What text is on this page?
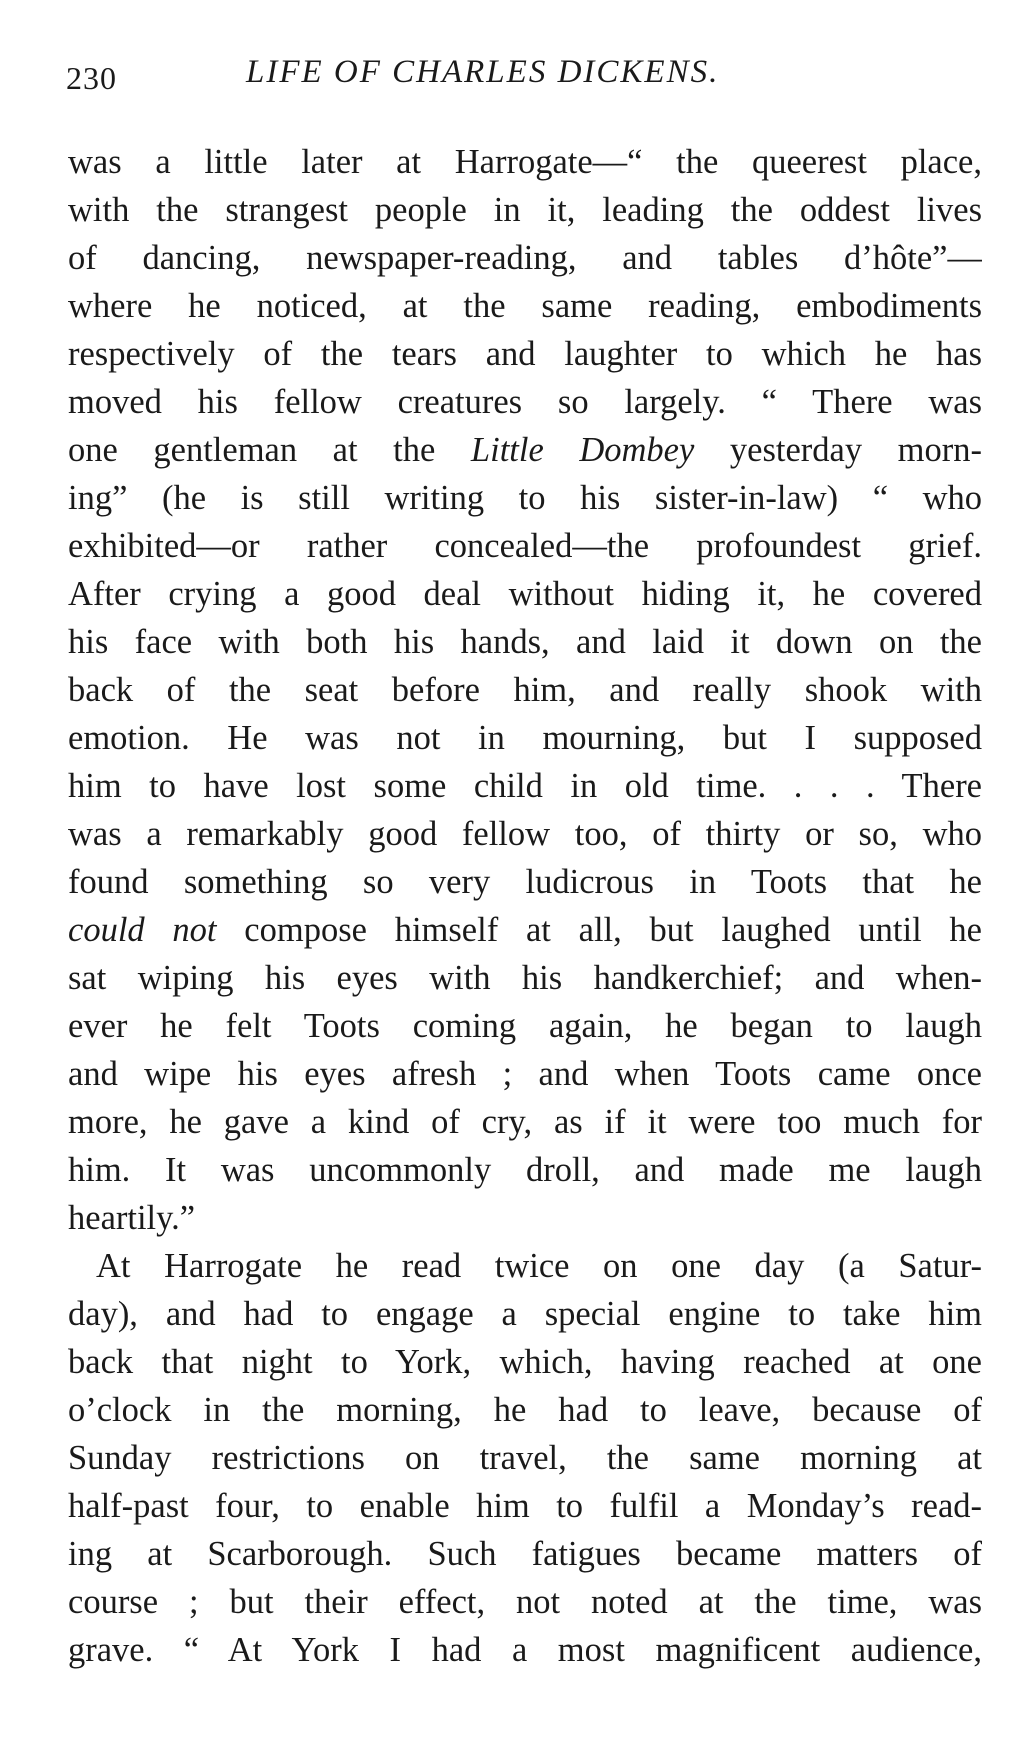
230	LIFE OF CHARLES DICKENS.
was a little later at Harrogate—“ the queerest place,
with the strangest people in it, leading the oddest lives
of dancing, newspaper-reading, and tables d’hôte”—
where he noticed, at the same reading, embodiments
respectively of the tears and laughter to which he has
moved his fellow creatures so largely. “ There was
one gentleman at the Little Dombey yesterday morn-
ing” (he is still writing to his sister-in-law) “ who
exhibited—or rather concealed—the profoundest grief.
After crying a good deal without hiding it, he covered
his face with both his hands, and laid it down on the
back of the seat before him, and really shook with
emotion. He was not in mourning, but I supposed
him to have lost some child in old time. . . . There
was a remarkably good fellow too, of thirty or so, who
found something so very ludicrous in Toots that he
could not compose himself at all, but laughed until he
sat wiping his eyes with his handkerchief; and when-
ever he felt Toots coming again, he began to laugh
and wipe his eyes afresh ; and when Toots came once
more, he gave a kind of cry, as if it were too much for
him. It was uncommonly droll, and made me laugh
heartily.”
At Harrogate he read twice on one day (a Satur-
day), and had to engage a special engine to take him
back that night to York, which, having reached at one
o’clock in the morning, he had to leave, because of
Sunday restrictions on travel, the same morning at
half-past four, to enable him to fulfil a Monday’s read-
ing at Scarborough. Such fatigues became matters of
course ; but their effect, not noted at the time, was
grave. “ At York I had a most magnificent audience,
